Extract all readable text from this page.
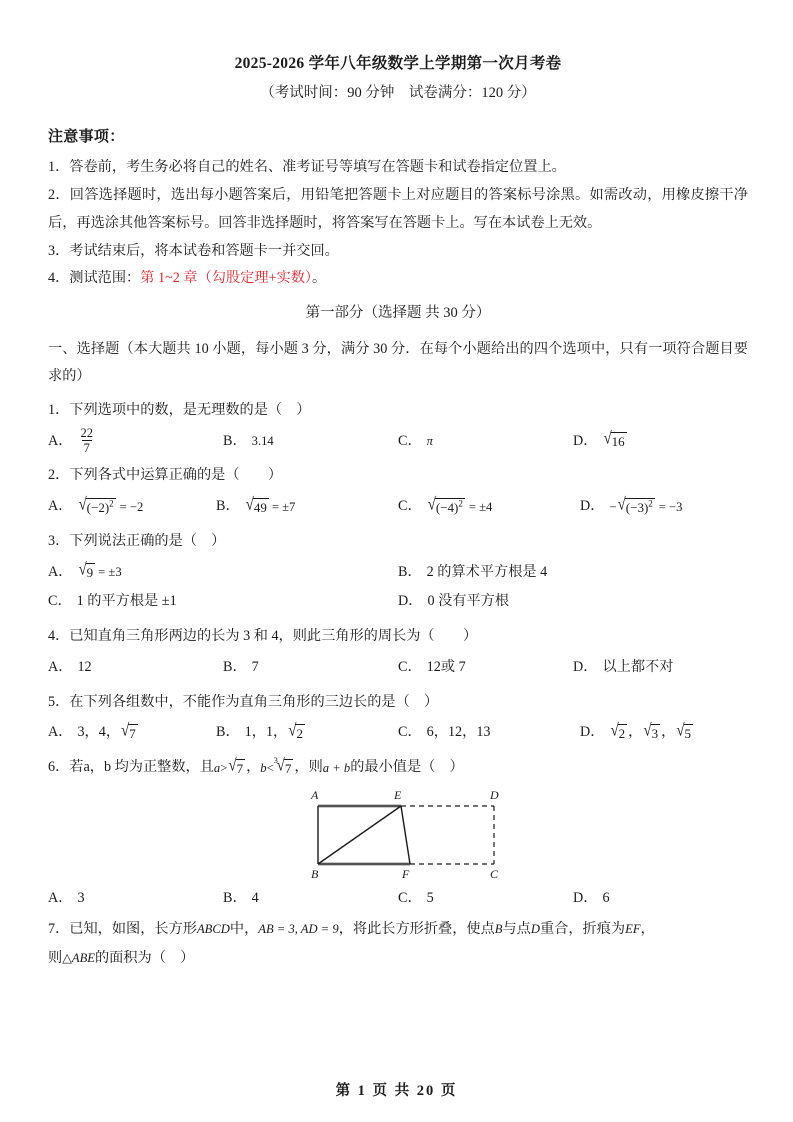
2025-2026 学年八年级数学上学期第一次月考卷
（考试时间：90 分钟　试卷满分：120 分）
注意事项：

1．答卷前，考生务必将自己的姓名、准考证号等填写在答题卡和试卷指定位置上。

2．回答选择题时，选出每小题答案后，用铅笔把答题卡上对应题目的答案标号涂黑。如需改动，用橡皮擦干净后，再选涂其他答案标号。回答非选择题时，将答案写在答题卡上。写在本试卷上无效。

3．考试结束后，将本试卷和答题卡一并交回。

4．测试范围：第 1~2 章（勾股定理+实数）。

第一部分（选择题 共 30 分）

一、选择题（本大题共 10 小题，每小题 3 分，满分 30 分．在每个小题给出的四个选项中，只有一项符合题目要求的）

1．下列选项中的数，是无理数的是（　）

A． $\frac{22}{7}$	B． 3.14	C． π	D． √ 16

2．下列各式中运算正确的是（　　）

A． √ $(-2)^2 = -2$	B． √ 49 = ±7	C． √ $(-4)^2 = \pm 4$	D． − √ $(-3)^2 = -3$

3．下列说法正确的是（　）

A． √ 9 = ±3	B． 2 的算术平方根是 4
C． 1 的平方根是 ±1	D． 0 没有平方根

4．已知直角三角形两边的长为 3 和 4，则此三角形的周长为（　　）

A． 12	B． 7	C． 12或 7	D． 以上都不对

5．在下列各组数中，不能作为直角三角形的三边长的是（　）

A． 3，4， √ 7	B． 1，1， √ 2	C． 6，12，13	D． √ 2 ， √ 3 ， √ 5

6．若a，b 均为正整数，且 a > √ 7 ， b <
3
√ 7 ，则 a + b 的最小值是（　）

A	E	D
B	F	C
A． 3	B． 4	C． 5	D． 6

7．已知，如图，长方形ABCD中，AB = 3, AD = 9，将此长方形折叠，使点B与点D重合，折痕为EF，

则△ABE的面积为（　）

第 1 页 共 20 页
